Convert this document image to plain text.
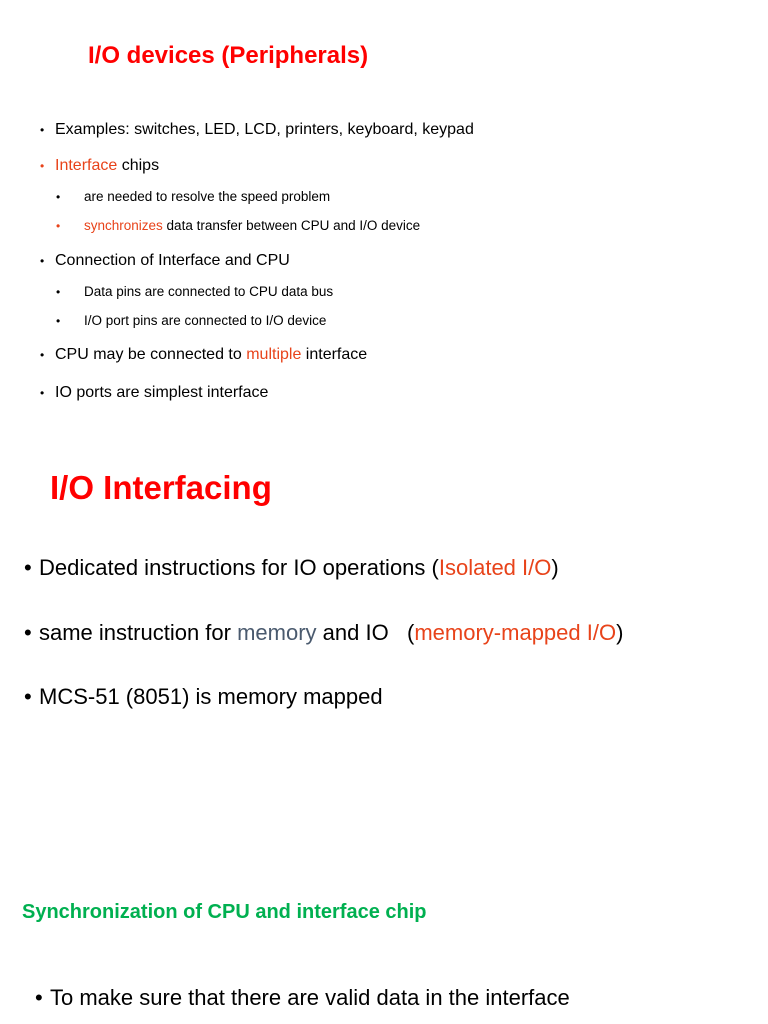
I/O devices (Peripherals)
• Examples: switches, LED, LCD, printers, keyboard, keypad
• Interface chips
•	are needed to resolve the speed problem
•	synchronizes data transfer between CPU and I/O device
• Connection of Interface and CPU
•	Data pins are connected to CPU data bus
•	I/O port pins are connected to I/O device
• CPU may be connected to multiple interface
• IO ports are simplest interface
I/O Interfacing
• Dedicated instructions for IO operations ( Isolated I/O )
• same instruction for memory and IO   ( memory-mapped I/O )
• MCS-51 (8051) is memory mapped
Synchronization of CPU and interface chip
• To make sure that there are valid data in the interface
